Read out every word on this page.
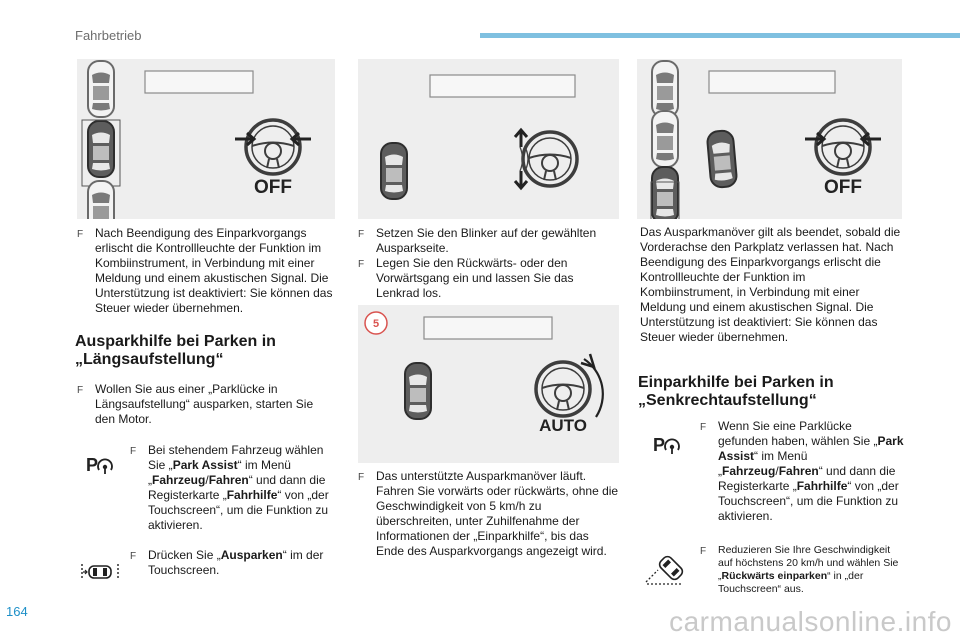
Fahrbetrieb
OFF	OFF
5
AUTO
F Nach Beendigung des Einparkvorgangs erlischt die Kontrollleuchte der Funktion im Kombiinstrument, in Verbindung mit einer Meldung und einem akustischen Signal. Die Unterstützung ist deaktiviert: Sie können das Steuer wieder übernehmen.
Ausparkhilfe bei Parken in
„Längsaufstellung“
F Wollen Sie aus einer „Parklücke in Längsaufstellung“ ausparken, starten Sie den Motor.
P
F Bei stehendem Fahrzeug wählen Sie „Park Assist“ im Menü „Fahrzeug/Fahren“ und dann die Registerkarte „Fahrhilfe“ von „der Touchscreen“, um die Funktion zu aktivieren.
F Drücken Sie „Ausparken“ im der Touchscreen.
F Setzen Sie den Blinker auf der gewählten Ausparkseite.
F Legen Sie den Rückwärts- oder den Vorwärtsgang ein und lassen Sie das Lenkrad los.
F Das unterstützte Ausparkmanöver läuft. Fahren Sie vorwärts oder rückwärts, ohne die Geschwindigkeit von 5 km/h zu überschreiten, unter Zuhilfenahme der Informationen der „Einparkhilfe“, bis das Ende des Ausparkvorgangs angezeigt wird.
Das Ausparkmanöver gilt als beendet, sobald die Vorderachse den Parkplatz verlassen hat. Nach Beendigung des Einparkvorgangs erlischt die Kontrollleuchte der Funktion im Kombiinstrument, in Verbindung mit einer Meldung und einem akustischen Signal. Die Unterstützung ist deaktiviert: Sie können das Steuer wieder übernehmen.
Einparkhilfe bei Parken in
„Senkrechtaufstellung“
P
F Wenn Sie eine Parklücke gefunden haben, wählen Sie „Park Assist“ im Menü „Fahrzeug/Fahren“ und dann die Registerkarte „Fahrhilfe“ von „der Touchscreen“, um die Funktion zu aktivieren.
F	Reduzieren Sie Ihre Geschwindigkeit auf höchstens 20 km/h und wählen Sie „Rückwärts einparken“ in „der Touchscreen“ aus.
164	carmanualsonline.info
